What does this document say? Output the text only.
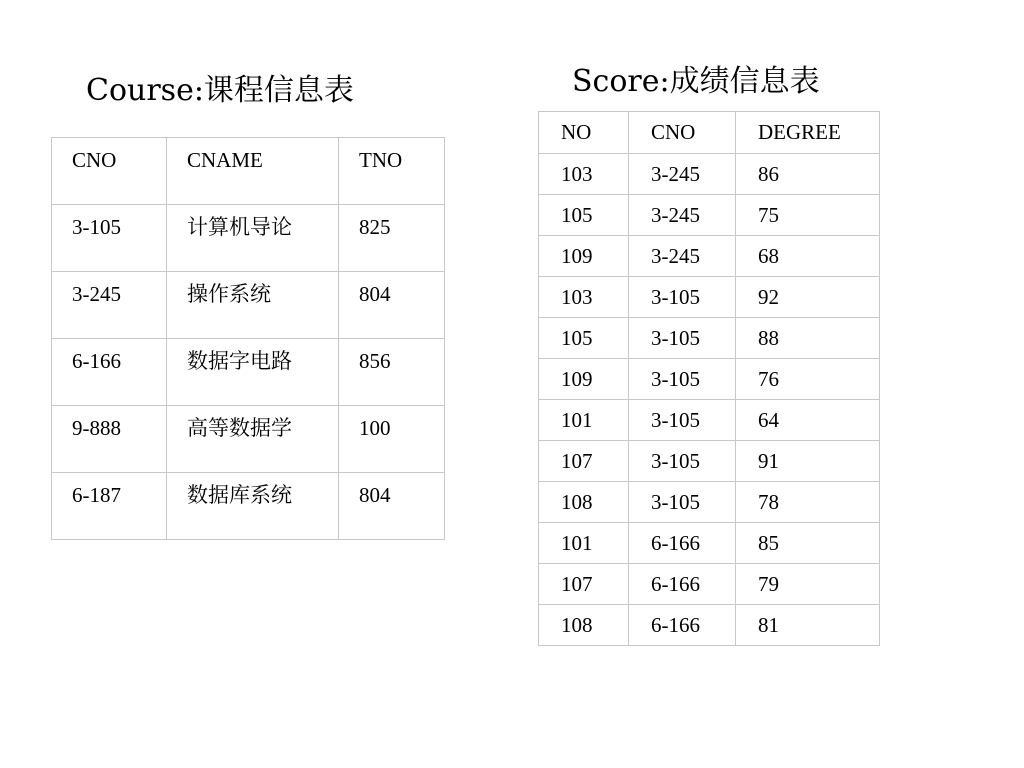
Course:课程信息表
CNO	CNAME	TNO

3-105	计算机导论	825

3-245	操作系统	804

6-166	数据字电路	856

9-888	高等数据学	100

6-187	数据库系统	804
Score:成绩信息表
NO	CNO	DEGREE

103	3-245	86

105	3-245	75

109	3-245	68

103	3-105	92

105	3-105	88

109	3-105	76

101	3-105	64

107	3-105	91

108	3-105	78

101	6-166	85

107	6-166	79

108	6-166	81
